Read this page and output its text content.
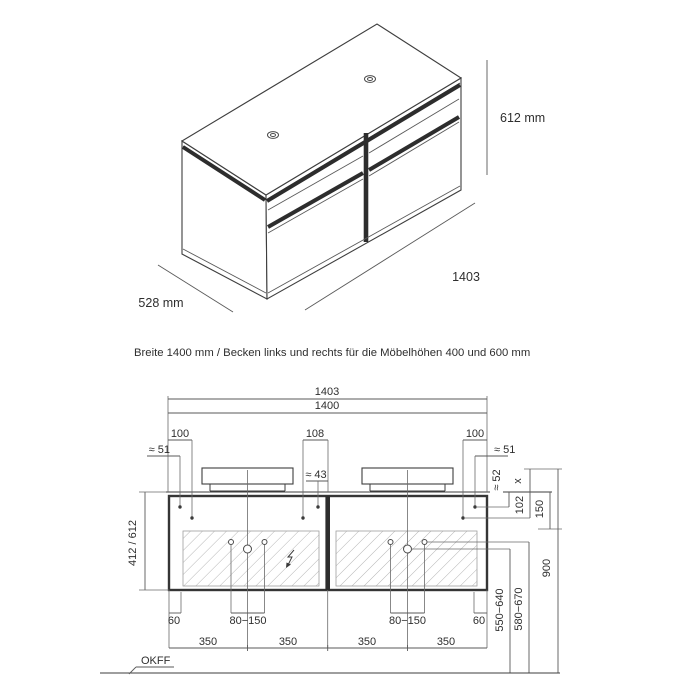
612 mm
1403
528 mm
Breite 1400 mm / Becken links und rechts für die Möbelhöhen 400 und 600 mm
1403
1400
100	108	100
≈ 51	≈ 51
≈ 43
412 / 612
≈ 52 x
102 150
550−640 580−670
900
60	80−150	80−150	60
350	350	350	350
OKFF
